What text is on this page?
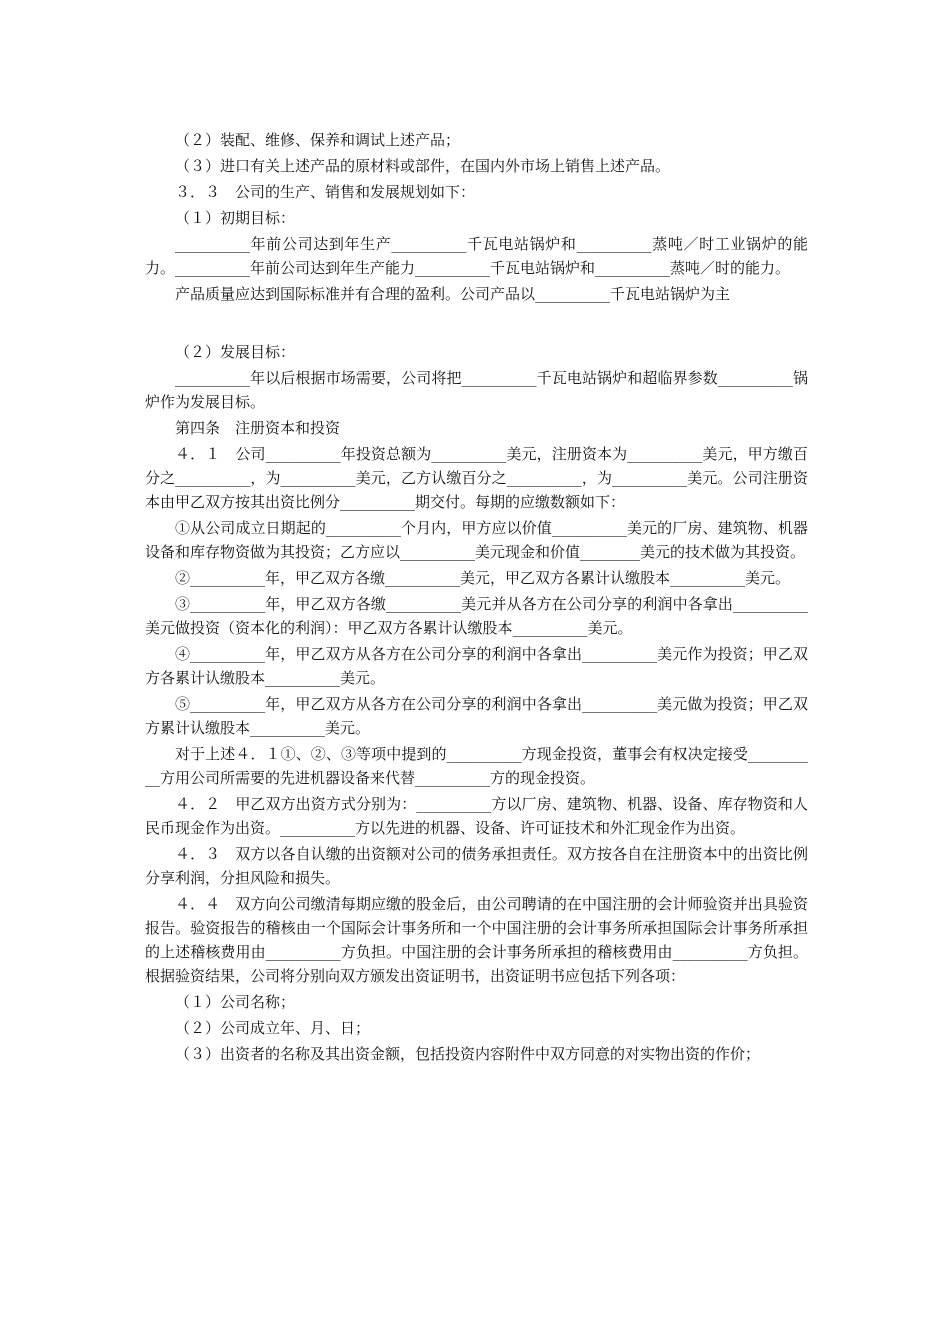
（２）装配、维修、保养和调试上述产品；

（３）进口有关上述产品的原材料或部件，在国内外市场上销售上述产品。

３．３　公司的生产、销售和发展规划如下：

（１）初期目标：

__________年前公司达到年生产__________千瓦电站锅炉和__________蒸吨／时工业锅炉的能力。__________年前公司达到年生产能力__________千瓦电站锅炉和__________蒸吨／时的能力。

产品质量应达到国际标准并有合理的盈利。公司产品以__________千瓦电站锅炉为主

（２）发展目标：

__________年以后根据市场需要，公司将把__________千瓦电站锅炉和超临界参数__________锅炉作为发展目标。

第四条　注册资本和投资

４．１　公司__________年投资总额为__________美元，注册资本为__________美元，甲方缴百分之__________，为__________美元，乙方认缴百分之__________，为__________美元。公司注册资本由甲乙双方按其出资比例分__________期交付。每期的应缴数额如下：

①从公司成立日期起的__________个月内，甲方应以价值__________美元的厂房、建筑物、机器设备和库存物资做为其投资；乙方应以__________美元现金和价值________美元的技术做为其投资。

②__________年，甲乙双方各缴__________美元，甲乙双方各累计认缴股本__________美元。

③__________年，甲乙双方各缴__________美元并从各方在公司分享的利润中各拿出__________美元做投资（资本化的利润）：甲乙双方各累计认缴股本__________美元。

④__________年，甲乙双方从各方在公司分享的利润中各拿出__________美元作为投资；甲乙双方各累计认缴股本__________美元。

⑤__________年，甲乙双方从各方在公司分享的利润中各拿出__________美元做为投资；甲乙双方累计认缴股本__________美元。

对于上述４．１①、②、③等项中提到的__________方现金投资，董事会有权决定接受__________方用公司所需要的先进机器设备来代替__________方的现金投资。

４．２　甲乙双方出资方式分别为：__________方以厂房、建筑物、机器、设备、库存物资和人民币现金作为出资。__________方以先进的机器、设备、许可证技术和外汇现金作为出资。

４．３　双方以各自认缴的出资额对公司的债务承担责任。双方按各自在注册资本中的出资比例分享利润，分担风险和损失。

４．４　双方向公司缴清每期应缴的股金后，由公司聘请的在中国注册的会计师验资并出具验资报告。验资报告的稽核由一个国际会计事务所和一个中国注册的会计事务所承担国际会计事务所承担的上述稽核费用由__________方负担。中国注册的会计事务所承担的稽核费用由__________方负担。根据验资结果，公司将分别向双方颁发出资证明书，出资证明书应包括下列各项：

（１）公司名称；

（２）公司成立年、月、日；

（３）出资者的名称及其出资金额，包括投资内容附件中双方同意的对实物出资的作价；
